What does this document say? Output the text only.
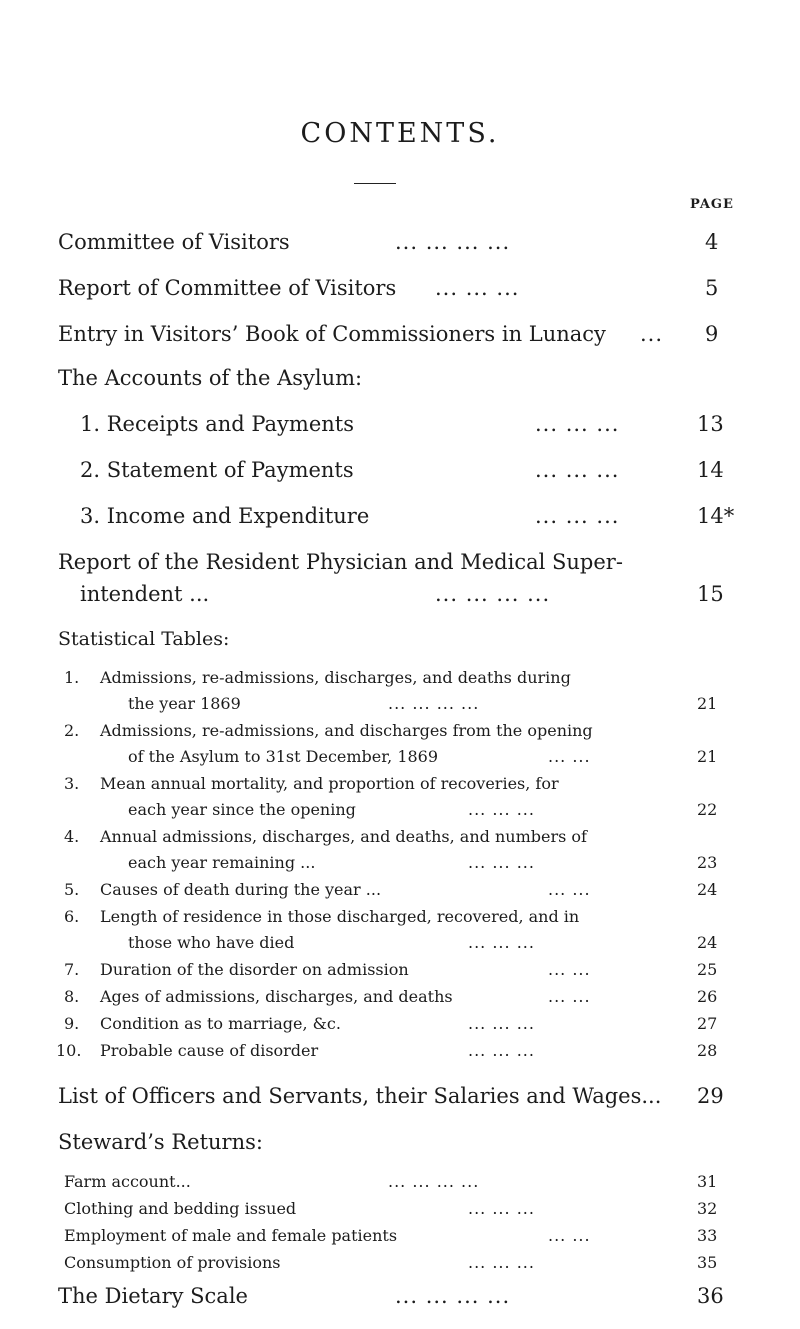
CONTENTS.
PAGE
Committee of Visitors	... ... ... ...	4
Report of Committee of Visitors ... ... ...	5
Entry in Visitors’ Book of Commissioners in Lunacy ... 9
The Accounts of the Asylum:
1. Receipts and Payments	... ... ...	13
2. Statement of Payments	... ... ...	14
3. Income and Expenditure	... ... ...	14*
Report of the Resident Physician and Medical Super-
intendent ...	... ... ... ...	15
Statistical Tables:
1. Admissions, re-admissions, discharges, and deaths during
the year 1869	... ... ... ...	21
2. Admissions, re-admissions, and discharges from the opening
of the Asylum to 31st December, 1869	... ...	21
3. Mean annual mortality, and proportion of recoveries, for
each year since the opening	... ... ...	22
4. Annual admissions, discharges, and deaths, and numbers of
each year remaining ...	... ... ...	23
5. Causes of death during the year ...	... ...	24
6. Length of residence in those discharged, recovered, and in
those who have died	... ... ...	24
7. Duration of the disorder on admission	... ...	25
8. Ages of admissions, discharges, and deaths	... ...	26
9. Condition as to marriage, &c.	... ... ...	27
10. Probable cause of disorder	... ... ...	28
List of Officers and Servants, their Salaries and Wages... 29
Steward’s Returns:
Farm account...	... ... ... ...	31
Clothing and bedding issued	... ... ...	32
Employment of male and female patients	... ...	33
Consumption of provisions	... ... ...	35
The Dietary Scale	... ... ... ...	36
